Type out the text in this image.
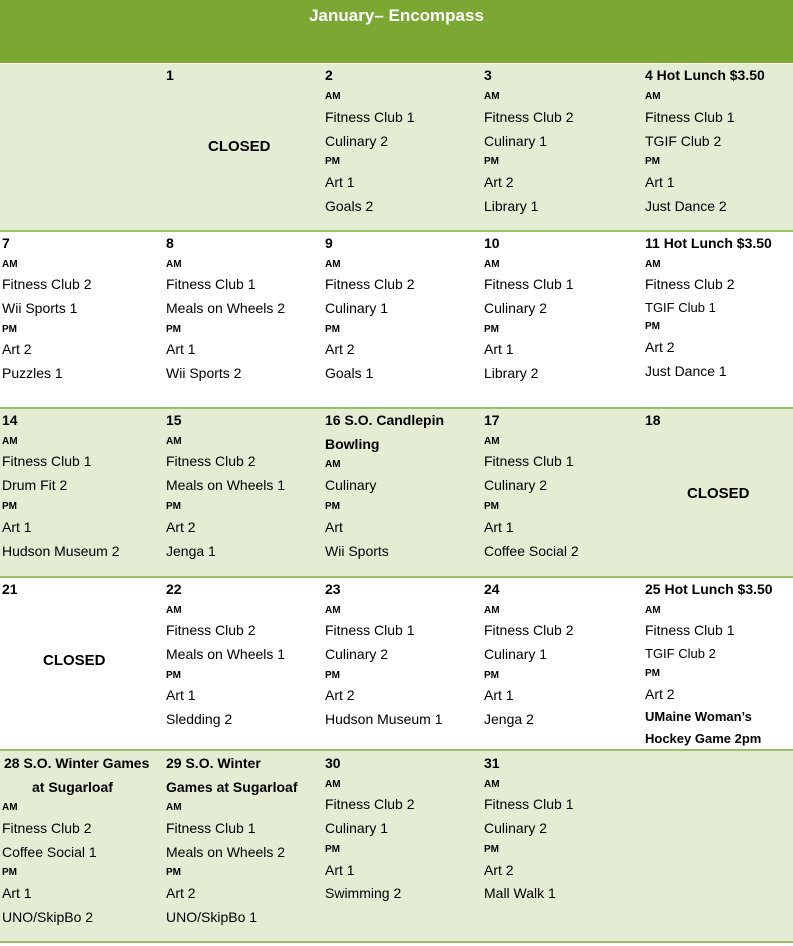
January– Encompass
1
CLOSED
2
AM
Fitness Club 1
Culinary 2
PM
Art 1
Goals 2
3
AM
Fitness Club 2
Culinary 1
PM
Art 2
Library 1
4 Hot Lunch $3.50
AM
Fitness Club 1
TGIF Club 2
PM
Art 1
Just Dance 2
7
AM
Fitness Club 2
Wii Sports 1
PM
Art 2
Puzzles 1
8
AM
Fitness Club 1
Meals on Wheels 2
PM
Art 1
Wii Sports 2
9
AM
Fitness Club 2
Culinary 1
PM
Art 2
Goals 1
10
AM
Fitness Club 1
Culinary 2
PM
Art 1
Library 2
11 Hot Lunch $3.50
AM
Fitness Club 2
TGIF Club 1
PM
Art 2
Just Dance 1
14
AM
Fitness Club 1
Drum Fit 2
PM
Art 1
Hudson Museum 2
15
AM
Fitness Club 2
Meals on Wheels 1
PM
Art 2
Jenga 1
16 S.O. Candlepin
Bowling
AM
Culinary
PM
Art
Wii Sports
17
AM
Fitness Club 1
Culinary 2
PM
Art 1
Coffee Social 2
18
CLOSED
21
CLOSED
22
AM
Fitness Club 2
Meals on Wheels 1
PM
Art 1
Sledding 2
23
AM
Fitness Club 1
Culinary 2
PM
Art 2
Hudson Museum 1
24
AM
Fitness Club 2
Culinary 1
PM
Art 1
Jenga 2
25 Hot Lunch $3.50
AM
Fitness Club 1
TGIF Club 2
PM
Art 2
UMaine Woman’s
Hockey Game 2pm
28 S.O. Winter Games
at Sugarloaf
AM
Fitness Club 2
Coffee Social 1
PM
Art 1
UNO/SkipBo 2
29 S.O. Winter
Games at Sugarloaf
AM
Fitness Club 1
Meals on Wheels 2
PM
Art 2
UNO/SkipBo 1
30
AM
Fitness Club 2
Culinary 1
PM
Art 1
Swimming 2
31
AM
Fitness Club 1
Culinary 2
PM
Art 2
Mall Walk 1
